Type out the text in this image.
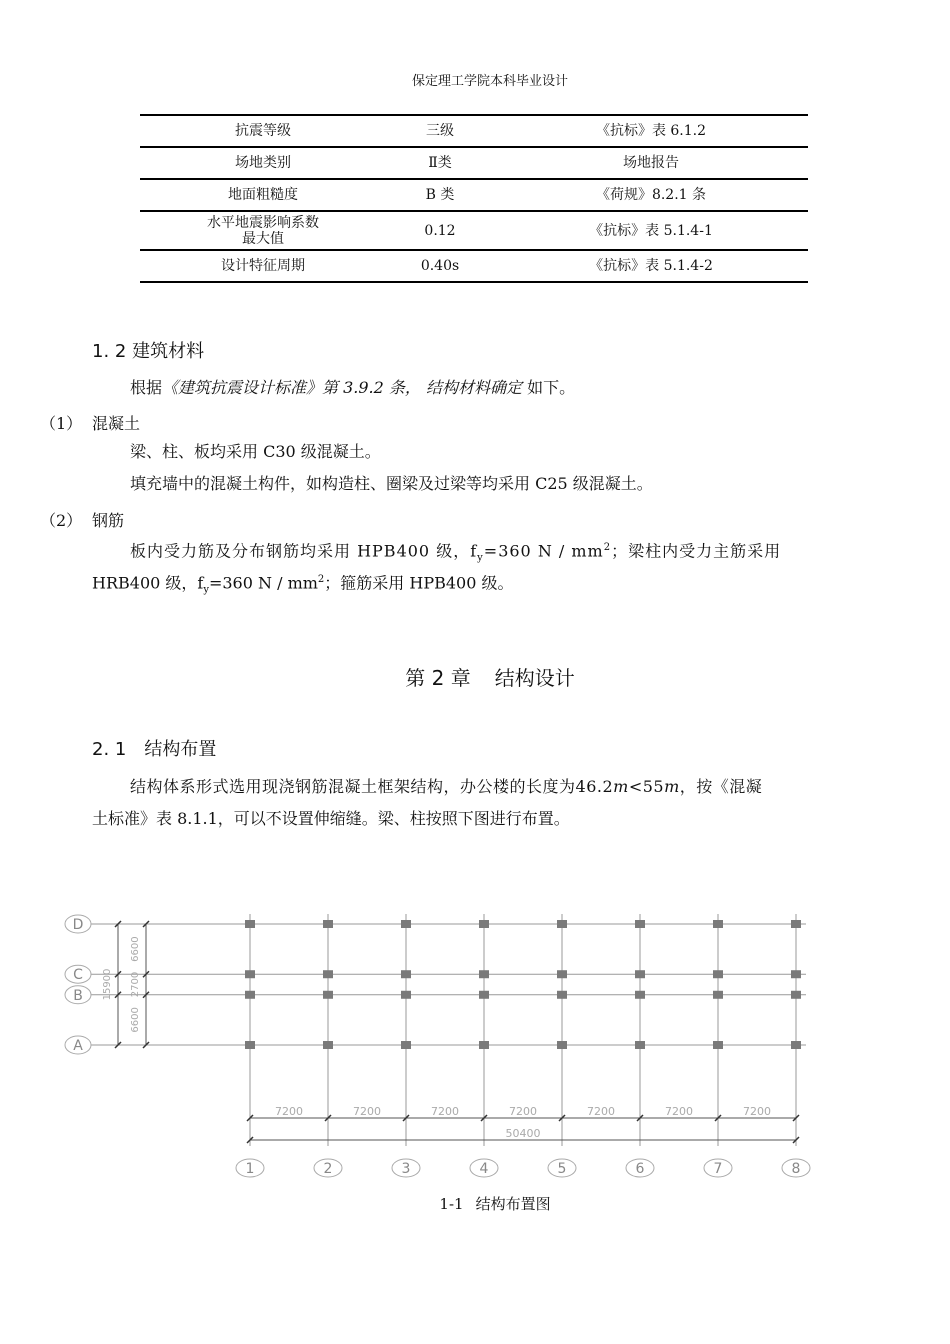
保定理工学院本科毕业设计
抗震等级	三级	《抗标》表 6.1.2
场地类别	Ⅱ类	场地报告
地面粗糙度	B 类	《荷规》8.2.1 条
水平地震影响系数
最大值	0.12	《抗标》表 5.1.4-1
设计特征周期	0.40s	《抗标》表 5.1.4-2
1. 2 建筑材料
根据《建筑抗震设计标准》第 3.9.2 条， 结构材料确定 如下。
（1） 混凝土
梁、柱、板均采用 C30 级混凝土。
填充墙中的混凝土构件，如构造柱、圈梁及过梁等均采用 C25 级混凝土。
（2） 钢筋
板内受力筋及分布钢筋均采用 HPB400 级，$f_y=360$ N / $mm^2$；梁柱内受力主筋采用
HRB400 级，$f_y=360$ N / $mm^2$；箍筋采用 HPB400 级。
第 2 章 结构设计
2. 1　结构布置
结构体系形式选用现浇钢筋混凝土框架结构，办公楼的长度为46.2m<55m，按《混凝
土标准》表 8.1.1，可以不设置伸缩缝。梁、柱按照下图进行布置。
D
C
B
A
6600
2700
6600
15900
1	2	3	4	5	6	7	8
7200	7200	7200	7200	7200	7200	7200
50400
1-1 结构布置图
